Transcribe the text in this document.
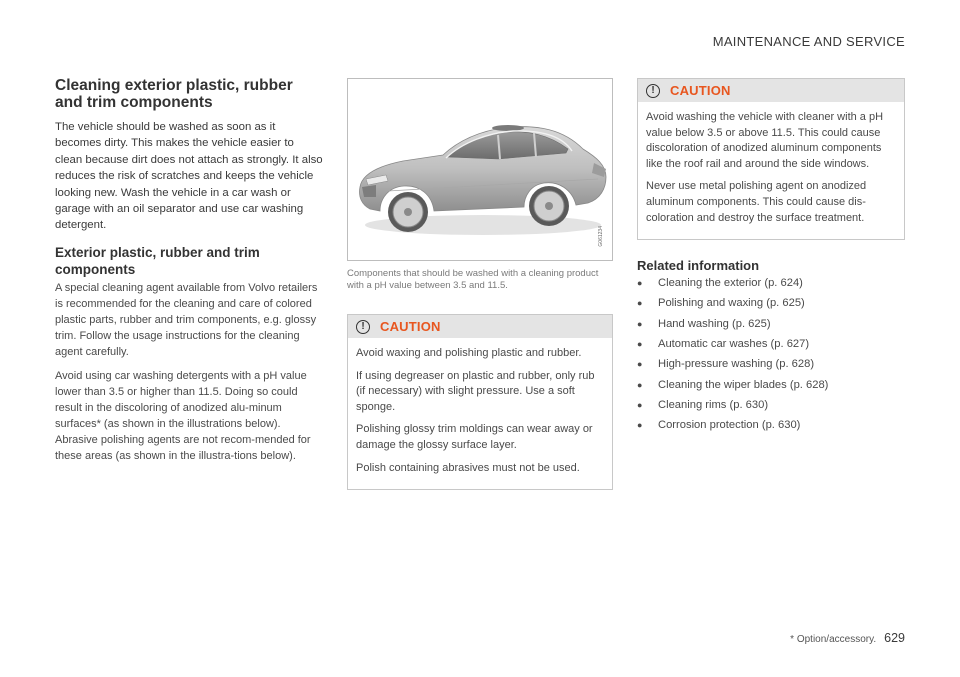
MAINTENANCE AND SERVICE
Cleaning exterior plastic, rubber and trim components

The vehicle should be washed as soon as it becomes dirty. This makes the vehicle easier to clean because dirt does not attach as strongly. It also reduces the risk of scratches and keeps the vehicle looking new. Wash the vehicle in a car wash or garage with an oil separator and use car washing detergent.

Exterior plastic, rubber and trim components

A special cleaning agent available from Volvo retailers is recommended for the cleaning and care of colored plastic parts, rubber and trim components, e.g. glossy trim. Follow the usage instructions for the cleaning agent carefully.

Avoid using car washing detergents with a pH value lower than 3.5 or higher than 11.5. Doing so could result in the discoloring of anodized alu-minum surfaces* (as shown in the illustrations below). Abrasive polishing agents are not recom-mended for these areas (as shown in the illustra-tions below).

G061234

Components that should be washed with a cleaning product with a pH value between 3.5 and 11.5.

!	CAUTION

Avoid waxing and polishing plastic and rubber.

If using degreaser on plastic and rubber, only rub (if necessary) with slight pressure. Use a soft sponge.

Polishing glossy trim moldings can wear away or damage the glossy surface layer.

Polish containing abrasives must not be used.

!	CAUTION

Avoid washing the vehicle with cleaner with a pH value below 3.5 or above 11.5. This could cause discoloration of anodized aluminum components like the roof rail and around the side windows.

Never use metal polishing agent on anodized aluminum components. This could cause dis-coloration and destroy the surface treatment.

Related information
●	Cleaning the exterior (p. 624)
●	Polishing and waxing (p. 625)
●	Hand washing (p. 625)
●	Automatic car washes (p. 627)
●	High-pressure washing (p. 628)
●	Cleaning the wiper blades (p. 628)
●	Cleaning rims (p. 630)
●	Corrosion protection (p. 630)
* Option/accessory. 629
